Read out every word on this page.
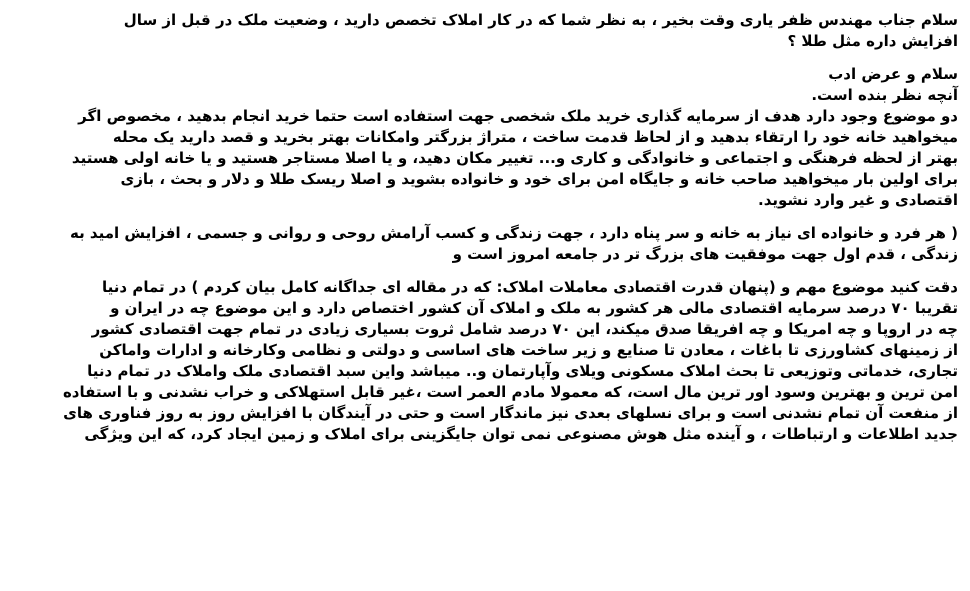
سلام جناب مهندس ظفر یاری وقت بخیر ، به نظر شما که در کار املاک تخصص دارید ، وضعیت ملک در قبل از سال
افزایش داره مثل طلا ؟

سلام و عرض ادب
آنچه نظر بنده است.

دو موضوع وجود دارد هدف از سرمایه گذاری خرید ملک شخصی جهت استفاده است حتما خرید انجام بدهید ، مخصوص اگر
میخواهید خانه خود را ارتقاء بدهید و از لحاظ قدمت ساخت ، متراژ بزرگتر وامکانات بهتر بخرید و قصد دارید یک محله
بهتر از لحظه فرهنگی و اجتماعی و خانوادگی و کاری و... تغییر مکان دهید، و یا اصلا مستاجر هستید و یا خانه اولی هستید
برای اولین بار میخواهید صاحب خانه و جایگاه امن برای خود و خانواده بشوید و اصلا ریسک طلا و دلار و بحث ، بازی
اقتصادی و غیر وارد نشوید.

( هر فرد و خانواده ای نیاز به خانه و سر پناه دارد ، جهت زندگی و کسب آرامش روحی و روانی و جسمی ، افزایش امید به
زندگی ، قدم اول جهت موفقیت های بزرگ تر در جامعه امروز است و

دقت کنید موضوع مهم و (پنهان قدرت اقتصادی معاملات املاک: که در مقاله ای جداگانه کامل بیان کردم ) در تمام دنیا
تقریبا ۷۰ درصد سرمایه اقتصادی مالی هر کشور به ملک و املاک آن کشور اختصاص دارد و این موضوع چه در ایران و
چه در اروپا و چه امریکا و چه افریقا صدق میکند، این ۷۰ درصد شامل ثروت بسیاری زیادی در تمام جهت اقتصادی کشور
از زمینهای کشاورزی تا باغات ، معادن تا صنایع و زیر ساخت های اساسی و دولتی و نظامی وکارخانه و ادارات واماکن
تجاری، خدماتی وتوزیعی تا بحث املاک مسکونی ویلای وآپارتمان و.. میباشد واین سبد اقتصادی ملک واملاک در تمام دنیا
امن ترین و بهترین وسود اور ترین مال است، که معمولا مادم العمر است ،غیر قابل استهلاکی و خراب نشدنی و با استفاده
از منفعت آن تمام نشدنی است و برای نسلهای بعدی نیز ماندگار است و حتی در آیندگان با افزایش روز به روز فناوری های
جدید اطلاعات و ارتباطات ، و آینده مثل هوش مصنوعی نمی توان جایگزینی برای املاک و زمین ایجاد کرد، که این ویژگی
